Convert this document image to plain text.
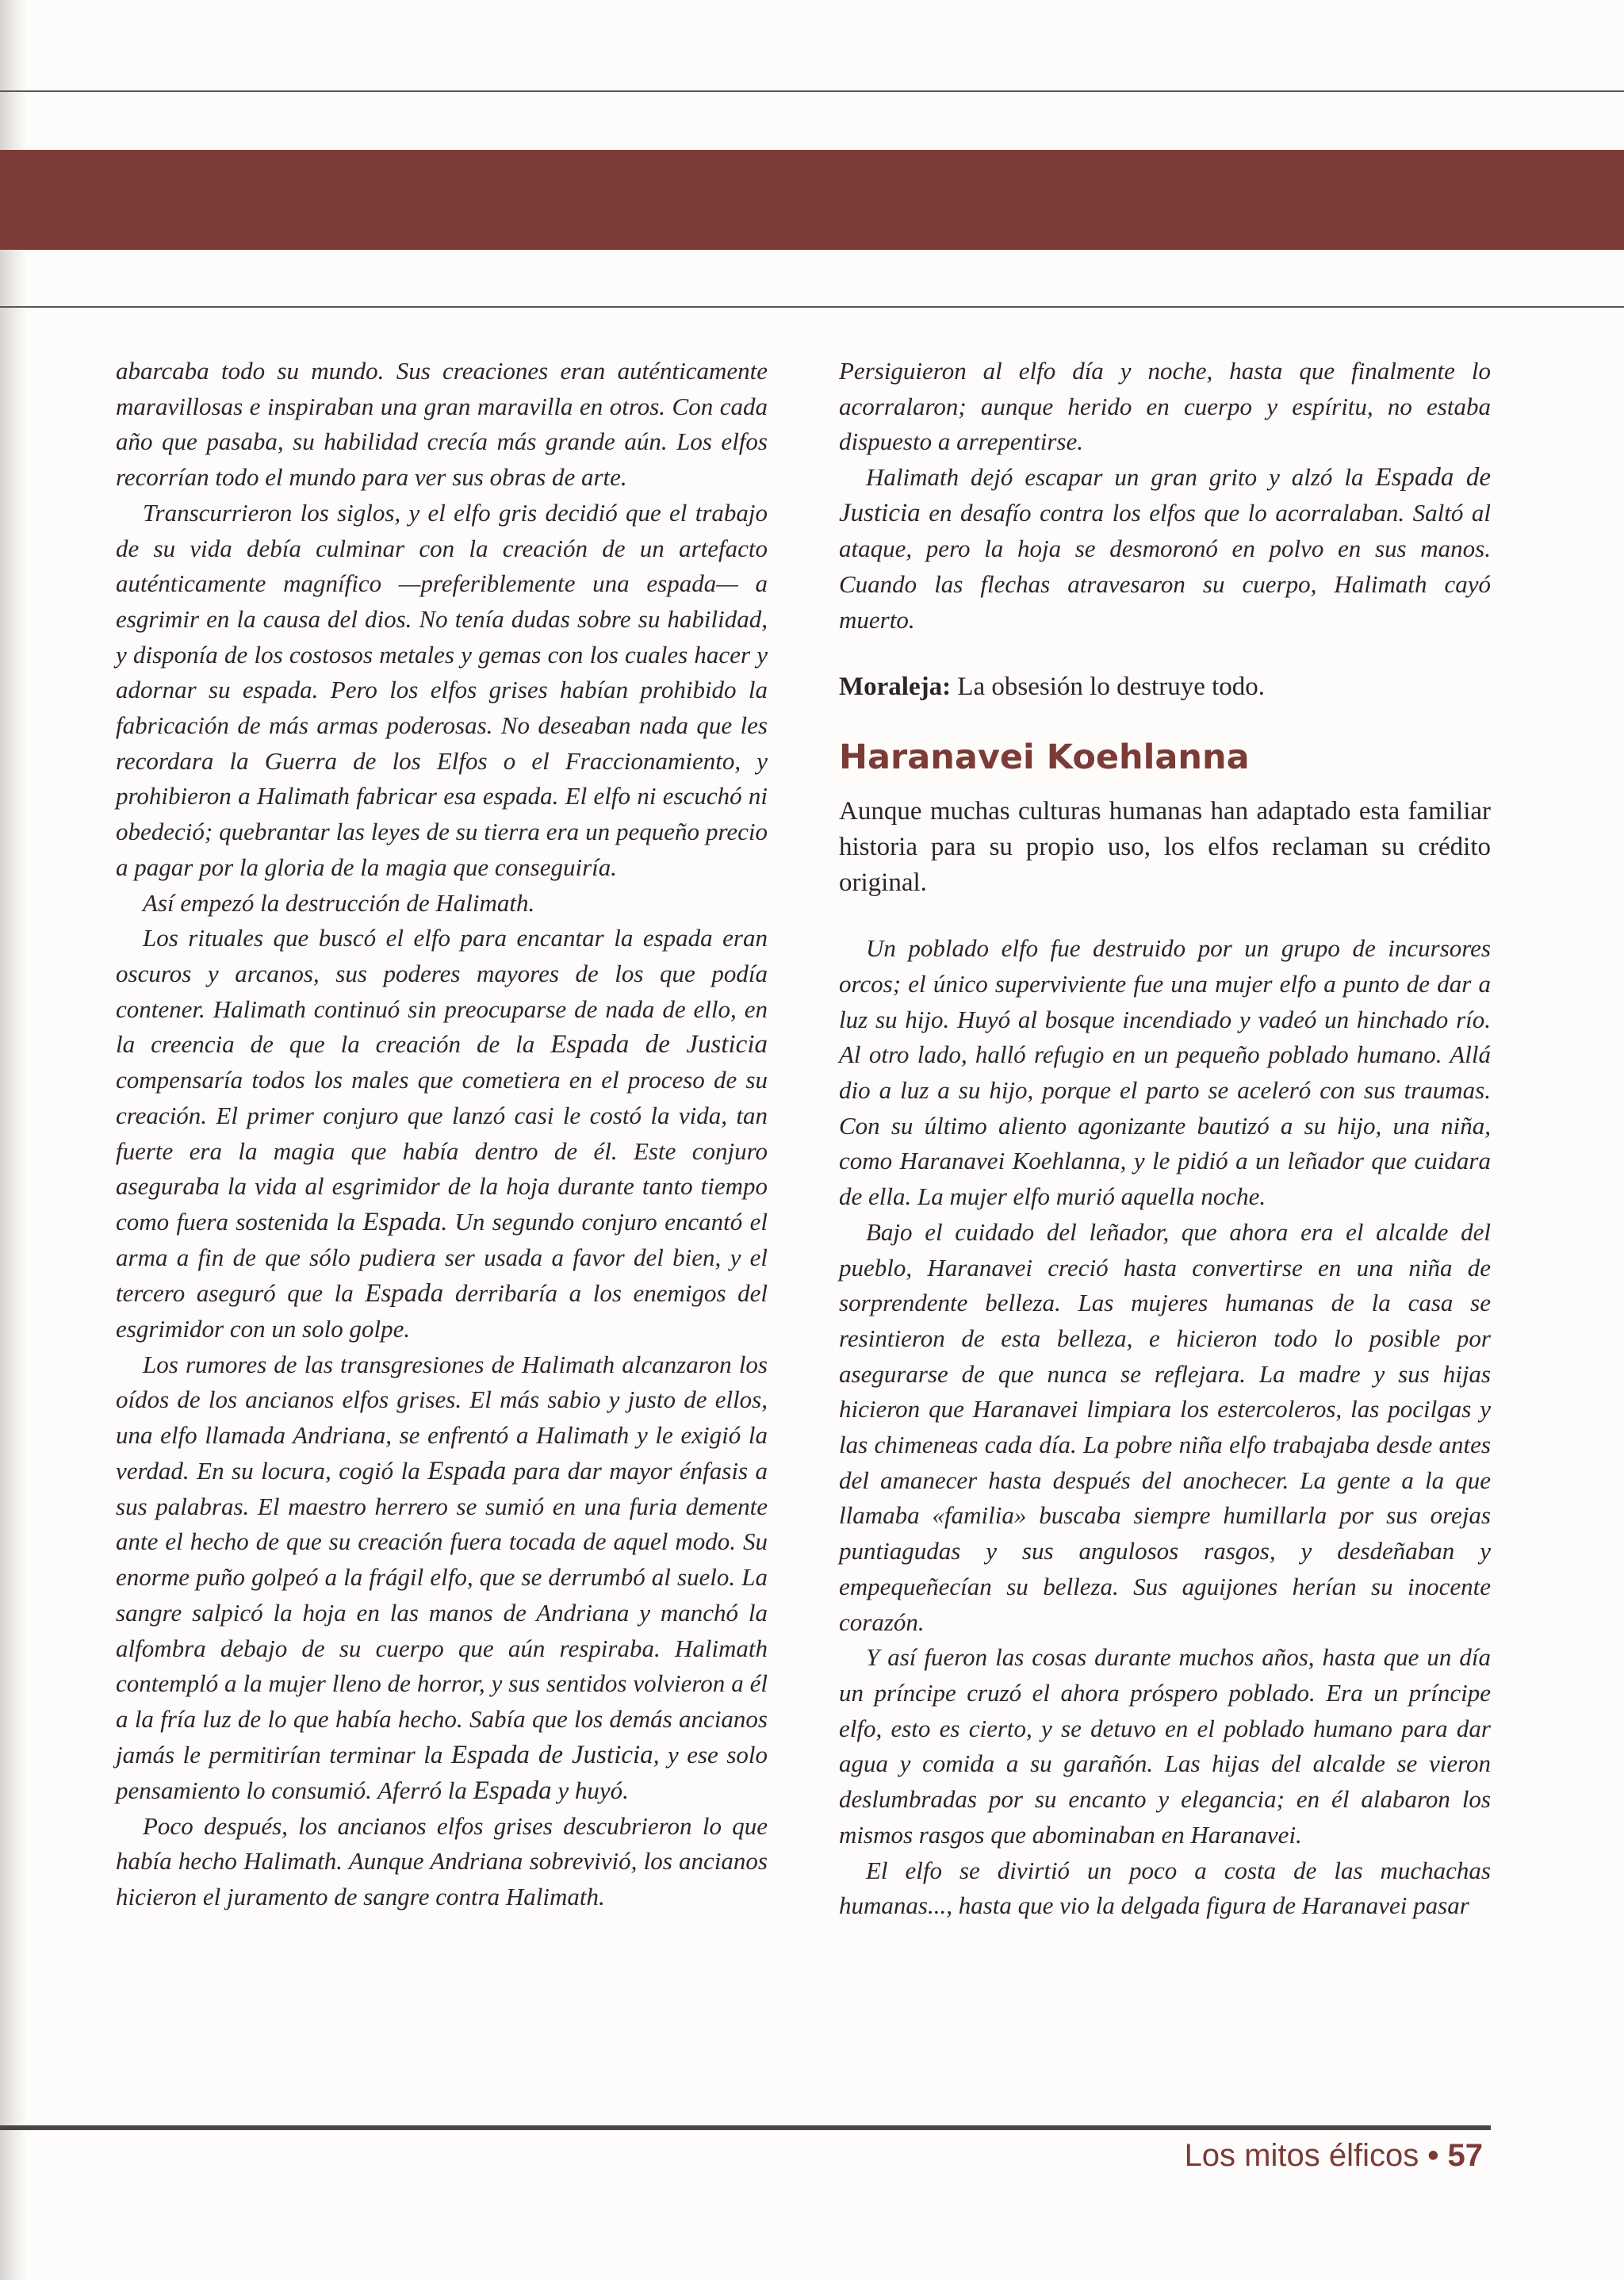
abarcaba todo su mundo. Sus creaciones eran auténticamente maravillosas e inspiraban una gran maravilla en otros. Con cada año que pasaba, su habilidad crecía más grande aún. Los elfos recorrían todo el mundo para ver sus obras de arte.

Transcurrieron los siglos, y el elfo gris decidió que el trabajo de su vida debía culminar con la creación de un artefacto auténticamente magnífico —preferiblemente una espada— a esgrimir en la causa del dios. No tenía dudas sobre su habilidad, y disponía de los costosos metales y gemas con los cuales hacer y adornar su espada. Pero los elfos grises habían prohibido la fabricación de más armas poderosas. No deseaban nada que les recordara la Guerra de los Elfos o el Fraccionamiento, y prohibieron a Halimath fabricar esa espada. El elfo ni escuchó ni obedeció; quebrantar las leyes de su tierra era un pequeño precio a pagar por la gloria de la magia que conseguiría.

Así empezó la destrucción de Halimath.

Los rituales que buscó el elfo para encantar la espada eran oscuros y arcanos, sus poderes mayores de los que podía contener. Halimath continuó sin preocuparse de nada de ello, en la creencia de que la creación de la Espada de Justicia compensaría todos los males que cometiera en el proceso de su creación. El primer conjuro que lanzó casi le costó la vida, tan fuerte era la magia que había dentro de él. Este conjuro aseguraba la vida al esgrimidor de la hoja durante tanto tiempo como fuera sostenida la Espada. Un segundo conjuro encantó el arma a fin de que sólo pudiera ser usada a favor del bien, y el tercero aseguró que la Espada derribaría a los enemigos del esgrimidor con un solo golpe.

Los rumores de las transgresiones de Halimath alcanzaron los oídos de los ancianos elfos grises. El más sabio y justo de ellos, una elfo llamada Andriana, se enfrentó a Halimath y le exigió la verdad. En su locura, cogió la Espada para dar mayor énfasis a sus palabras. El maestro herrero se sumió en una furia demente ante el hecho de que su creación fuera tocada de aquel modo. Su enorme puño golpeó a la frágil elfo, que se derrumbó al suelo. La sangre salpicó la hoja en las manos de Andriana y manchó la alfombra debajo de su cuerpo que aún respiraba. Halimath contempló a la mujer lleno de horror, y sus sentidos volvieron a él a la fría luz de lo que había hecho. Sabía que los demás ancianos jamás le permitirían terminar la Espada de Justicia, y ese solo pensamiento lo consumió. Aferró la Espada y huyó.

Poco después, los ancianos elfos grises descubrieron lo que había hecho Halimath. Aunque Andriana sobrevivió, los ancianos hicieron el juramento de sangre contra Halimath.

Persiguieron al elfo día y noche, hasta que finalmente lo acorralaron; aunque herido en cuerpo y espíritu, no estaba dispuesto a arrepentirse.

Halimath dejó escapar un gran grito y alzó la Espada de Justicia en desafío contra los elfos que lo acorralaban. Saltó al ataque, pero la hoja se desmoronó en polvo en sus manos. Cuando las flechas atravesaron su cuerpo, Halimath cayó muerto.

Moraleja: La obsesión lo destruye todo.

Haranavei Koehlanna

Aunque muchas culturas humanas han adaptado esta familiar historia para su propio uso, los elfos reclaman su crédito original.

Un poblado elfo fue destruido por un grupo de incursores orcos; el único superviviente fue una mujer elfo a punto de dar a luz su hijo. Huyó al bosque incendiado y vadeó un hinchado río. Al otro lado, halló refugio en un pequeño poblado humano. Allá dio a luz a su hijo, porque el parto se aceleró con sus traumas. Con su último aliento agonizante bautizó a su hijo, una niña, como Haranavei Koehlanna, y le pidió a un leñador que cuidara de ella. La mujer elfo murió aquella noche.

Bajo el cuidado del leñador, que ahora era el alcalde del pueblo, Haranavei creció hasta convertirse en una niña de sorprendente belleza. Las mujeres humanas de la casa se resintieron de esta belleza, e hicieron todo lo posible por asegurarse de que nunca se reflejara. La madre y sus hijas hicieron que Haranavei limpiara los estercoleros, las pocilgas y las chimeneas cada día. La pobre niña elfo trabajaba desde antes del amanecer hasta después del anochecer. La gente a la que llamaba «familia» buscaba siempre humillarla por sus orejas puntiagudas y sus angulosos rasgos, y desdeñaban y empequeñecían su belleza. Sus aguijones herían su inocente corazón.

Y así fueron las cosas durante muchos años, hasta que un día un príncipe cruzó el ahora próspero poblado. Era un príncipe elfo, esto es cierto, y se detuvo en el poblado humano para dar agua y comida a su garañón. Las hijas del alcalde se vieron deslumbradas por su encanto y elegancia; en él alabaron los mismos rasgos que abominaban en Haranavei.

El elfo se divirtió un poco a costa de las muchachas humanas..., hasta que vio la delgada figura de Haranavei pasar

Los mitos élficos • 57
